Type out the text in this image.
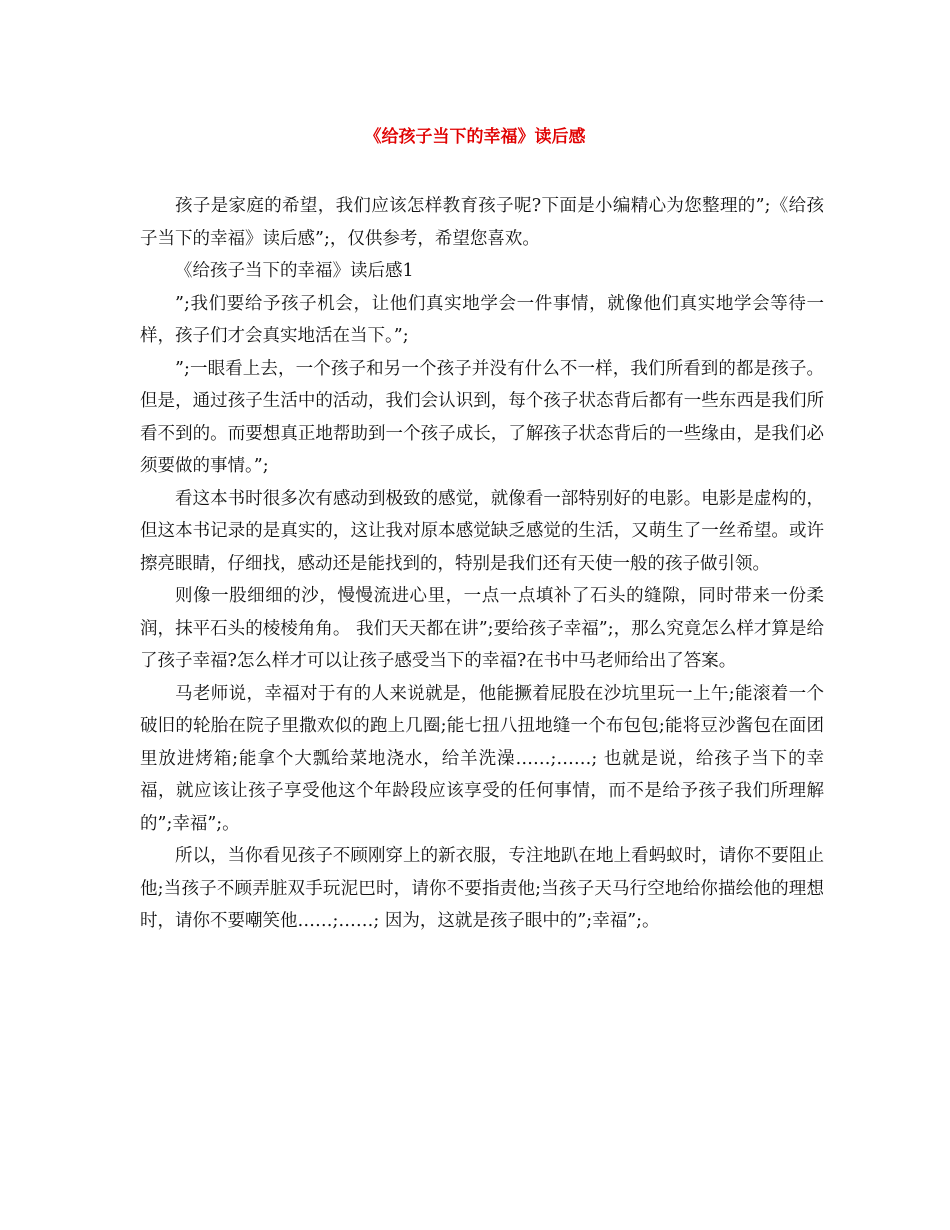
《给孩子当下的幸福》读后感

孩子是家庭的希望，我们应该怎样教育孩子呢?下面是小编精心为您整理的”;《给孩子当下的幸福》读后感”;，仅供参考，希望您喜欢。

《给孩子当下的幸福》读后感1

”;我们要给予孩子机会，让他们真实地学会一件事情，就像他们真实地学会等待一样，孩子们才会真实地活在当下。”;

”;一眼看上去，一个孩子和另一个孩子并没有什么不一样，我们所看到的都是孩子。但是，通过孩子生活中的活动，我们会认识到，每个孩子状态背后都有一些东西是我们所看不到的。而要想真正地帮助到一个孩子成长，了解孩子状态背后的一些缘由，是我们必须要做的事情。”;

看这本书时很多次有感动到极致的感觉，就像看一部特别好的电影。电影是虚构的，但这本书记录的是真实的，这让我对原本感觉缺乏感觉的生活，又萌生了一丝希望。或许擦亮眼睛，仔细找，感动还是能找到的，特别是我们还有天使一般的孩子做引领。

则像一股细细的沙，慢慢流进心里，一点一点填补了石头的缝隙，同时带来一份柔润，抹平石头的棱棱角角。 我们天天都在讲”;要给孩子幸福”;，那么究竟怎么样才算是给了孩子幸福?怎么样才可以让孩子感受当下的幸福?在书中马老师给出了答案。

马老师说，幸福对于有的人来说就是，他能撅着屁股在沙坑里玩一上午;能滚着一个破旧的轮胎在院子里撒欢似的跑上几圈;能七扭八扭地缝一个布包包;能将豆沙酱包在面团里放进烤箱;能拿个大瓢给菜地浇水，给羊洗澡……;……; 也就是说，给孩子当下的幸福，就应该让孩子享受他这个年龄段应该享受的任何事情，而不是给予孩子我们所理解的”;幸福”;。

所以，当你看见孩子不顾刚穿上的新衣服，专注地趴在地上看蚂蚁时，请你不要阻止他;当孩子不顾弄脏双手玩泥巴时，请你不要指责他;当孩子天马行空地给你描绘他的理想时，请你不要嘲笑他……;……; 因为，这就是孩子眼中的”;幸福”;。
